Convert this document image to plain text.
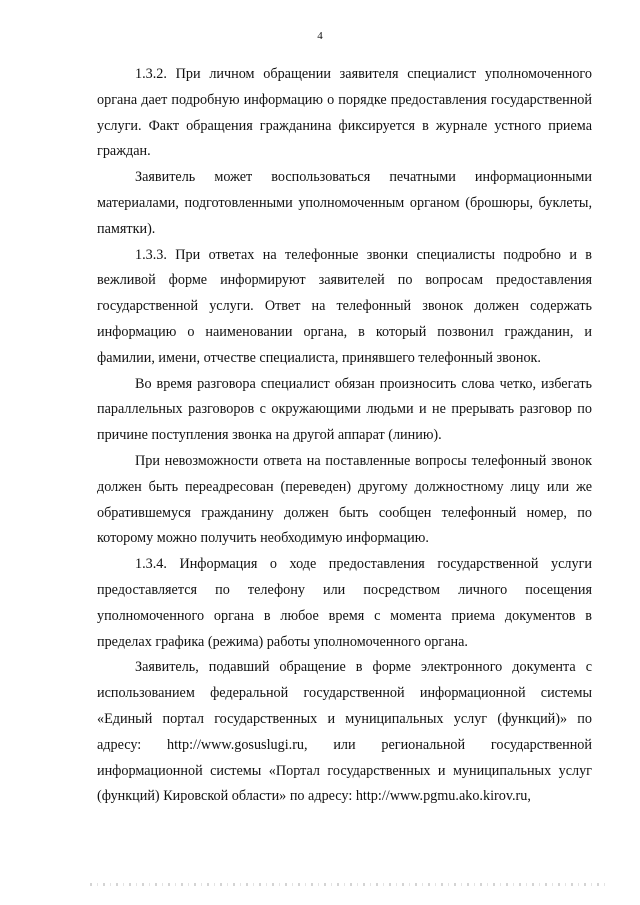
4

1.3.2. При личном обращении заявителя специалист уполномоченного органа дает подробную информацию о порядке предоставления государственной услуги. Факт обращения гражданина фиксируется в журнале устного приема граждан.

Заявитель может воспользоваться печатными информационными материалами, подготовленными уполномоченным органом (брошюры, буклеты, памятки).

1.3.3. При ответах на телефонные звонки специалисты подробно и в вежливой форме информируют заявителей по вопросам предоставления государственной услуги. Ответ на телефонный звонок должен содержать информацию о наименовании органа, в который позвонил гражданин, и фамилии, имени, отчестве специалиста, принявшего телефонный звонок.

Во время разговора специалист обязан произносить слова четко, избегать параллельных разговоров с окружающими людьми и не прерывать разговор по причине поступления звонка на другой аппарат (линию).

При невозможности ответа на поставленные вопросы телефонный звонок должен быть переадресован (переведен) другому должностному лицу или же обратившемуся гражданину должен быть сообщен телефонный номер, по которому можно получить необходимую информацию.

1.3.4. Информация о ходе предоставления государственной услуги предоставляется по телефону или посредством личного посещения уполномоченного органа в любое время с момента приема документов в пределах графика (режима) работы уполномоченного органа.

Заявитель, подавший обращение в форме электронного документа с использованием федеральной государственной информационной системы «Единый портал государственных и муниципальных услуг (функций)» по адресу: http://www.gosuslugi.ru, или региональной государственной информационной системы «Портал государственных и муниципальных услуг (функций) Кировской области» по адресу: http://www.pgmu.ako.kirov.ru,
